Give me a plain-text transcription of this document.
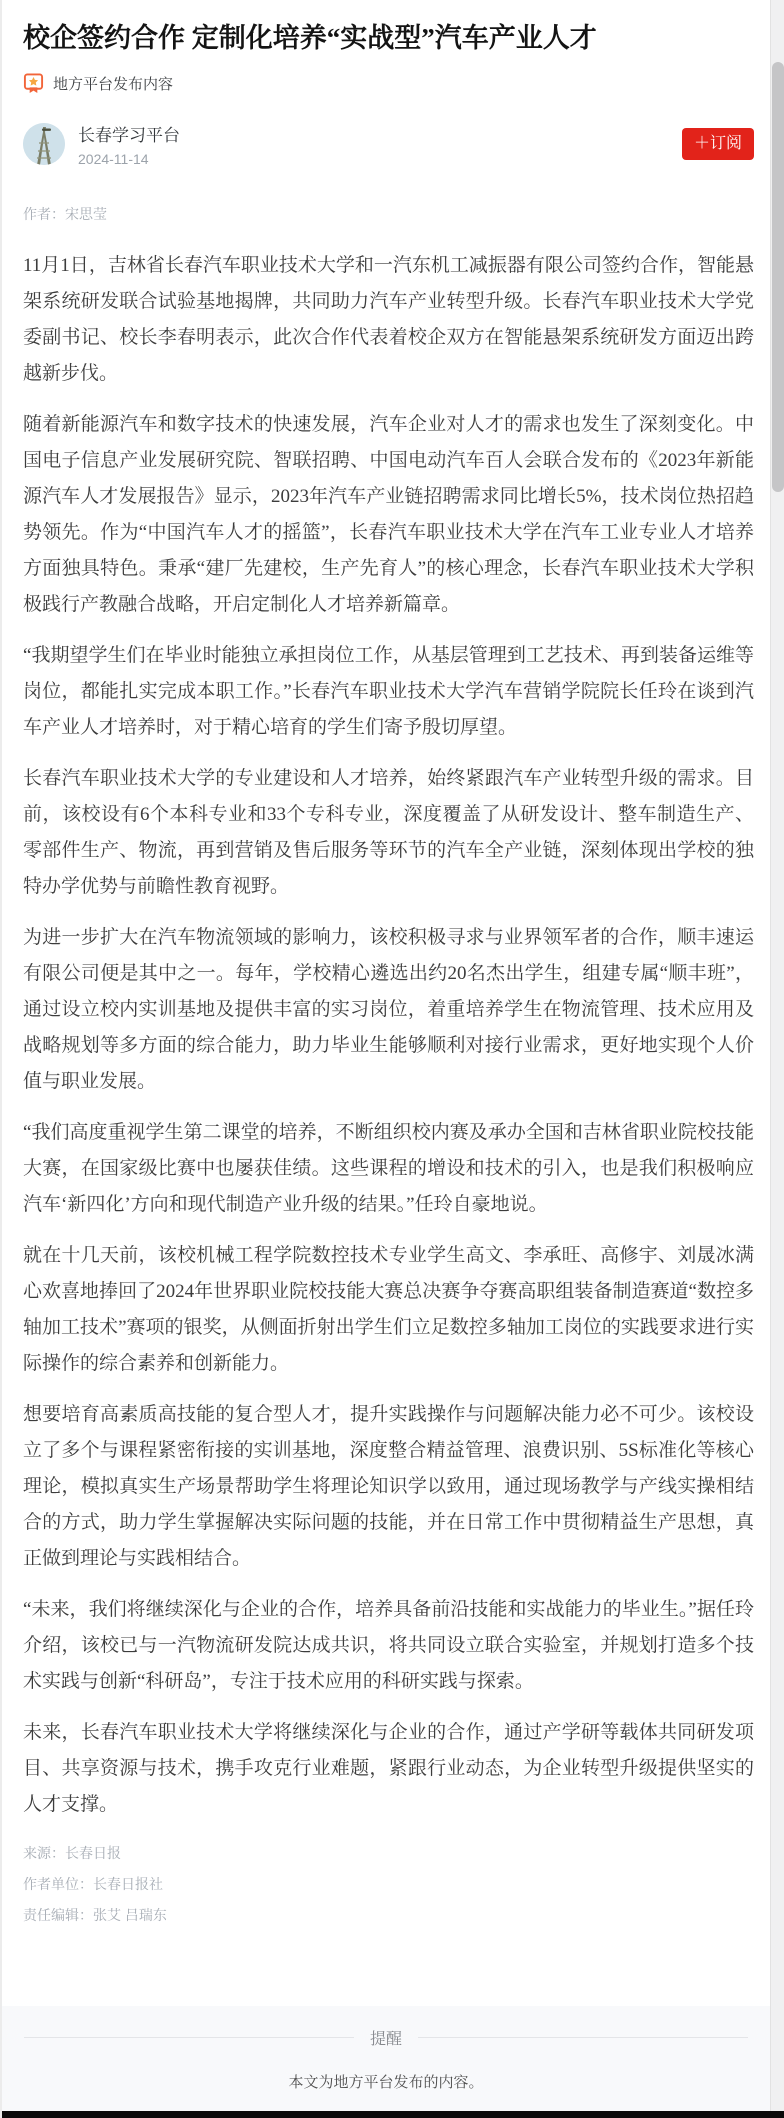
校企签约合作 定制化培养“实战型”汽车产业人才
地方平台发布内容
长春学习平台
2024-11-14
＋订阅
作者：宋思莹

11月1日，吉林省长春汽车职业技术大学和一汽东机工减振器有限公司签约合作，智能悬架系统研发联合试验基地揭牌，共同助力汽车产业转型升级。长春汽车职业技术大学党委副书记、校长李春明表示，此次合作代表着校企双方在智能悬架系统研发方面迈出跨越新步伐。

随着新能源汽车和数字技术的快速发展，汽车企业对人才的需求也发生了深刻变化。中国电子信息产业发展研究院、智联招聘、中国电动汽车百人会联合发布的《2023年新能源汽车人才发展报告》显示，2023年汽车产业链招聘需求同比增长5%，技术岗位热招趋势领先。作为“中国汽车人才的摇篮”，长春汽车职业技术大学在汽车工业专业人才培养方面独具特色。秉承“建厂先建校，生产先育人”的核心理念，长春汽车职业技术大学积极践行产教融合战略，开启定制化人才培养新篇章。

“我期望学生们在毕业时能独立承担岗位工作，从基层管理到工艺技术、再到装备运维等岗位，都能扎实完成本职工作。”长春汽车职业技术大学汽车营销学院院长任玲在谈到汽车产业人才培养时，对于精心培育的学生们寄予殷切厚望。

长春汽车职业技术大学的专业建设和人才培养，始终紧跟汽车产业转型升级的需求。目前，该校设有6个本科专业和33个专科专业，深度覆盖了从研发设计、整车制造生产、零部件生产、物流，再到营销及售后服务等环节的汽车全产业链，深刻体现出学校的独特办学优势与前瞻性教育视野。

为进一步扩大在汽车物流领域的影响力，该校积极寻求与业界领军者的合作，顺丰速运有限公司便是其中之一。每年，学校精心遴选出约20名杰出学生，组建专属“顺丰班”，通过设立校内实训基地及提供丰富的实习岗位，着重培养学生在物流管理、技术应用及战略规划等多方面的综合能力，助力毕业生能够顺利对接行业需求，更好地实现个人价值与职业发展。

“我们高度重视学生第二课堂的培养，不断组织校内赛及承办全国和吉林省职业院校技能大赛，在国家级比赛中也屡获佳绩。这些课程的增设和技术的引入，也是我们积极响应汽车‘新四化’方向和现代制造产业升级的结果。”任玲自豪地说。

就在十几天前，该校机械工程学院数控技术专业学生高文、李承旺、高修宇、刘晟冰满心欢喜地捧回了2024年世界职业院校技能大赛总决赛争夺赛高职组装备制造赛道“数控多轴加工技术”赛项的银奖，从侧面折射出学生们立足数控多轴加工岗位的实践要求进行实际操作的综合素养和创新能力。

想要培育高素质高技能的复合型人才，提升实践操作与问题解决能力必不可少。该校设立了多个与课程紧密衔接的实训基地，深度整合精益管理、浪费识别、5S标准化等核心理论，模拟真实生产场景帮助学生将理论知识学以致用，通过现场教学与产线实操相结合的方式，助力学生掌握解决实际问题的技能，并在日常工作中贯彻精益生产思想，真正做到理论与实践相结合。

“未来，我们将继续深化与企业的合作，培养具备前沿技能和实战能力的毕业生。”据任玲介绍，该校已与一汽物流研发院达成共识，将共同设立联合实验室，并规划打造多个技术实践与创新“科研岛”，专注于技术应用的科研实践与探索。

未来，长春汽车职业技术大学将继续深化与企业的合作，通过产学研等载体共同研发项目、共享资源与技术，携手攻克行业难题，紧跟行业动态，为企业转型升级提供坚实的人才支撑。

来源：长春日报
作者单位：长春日报社
责任编辑：张艾 吕瑞东
提醒
本文为地方平台发布的内容。
